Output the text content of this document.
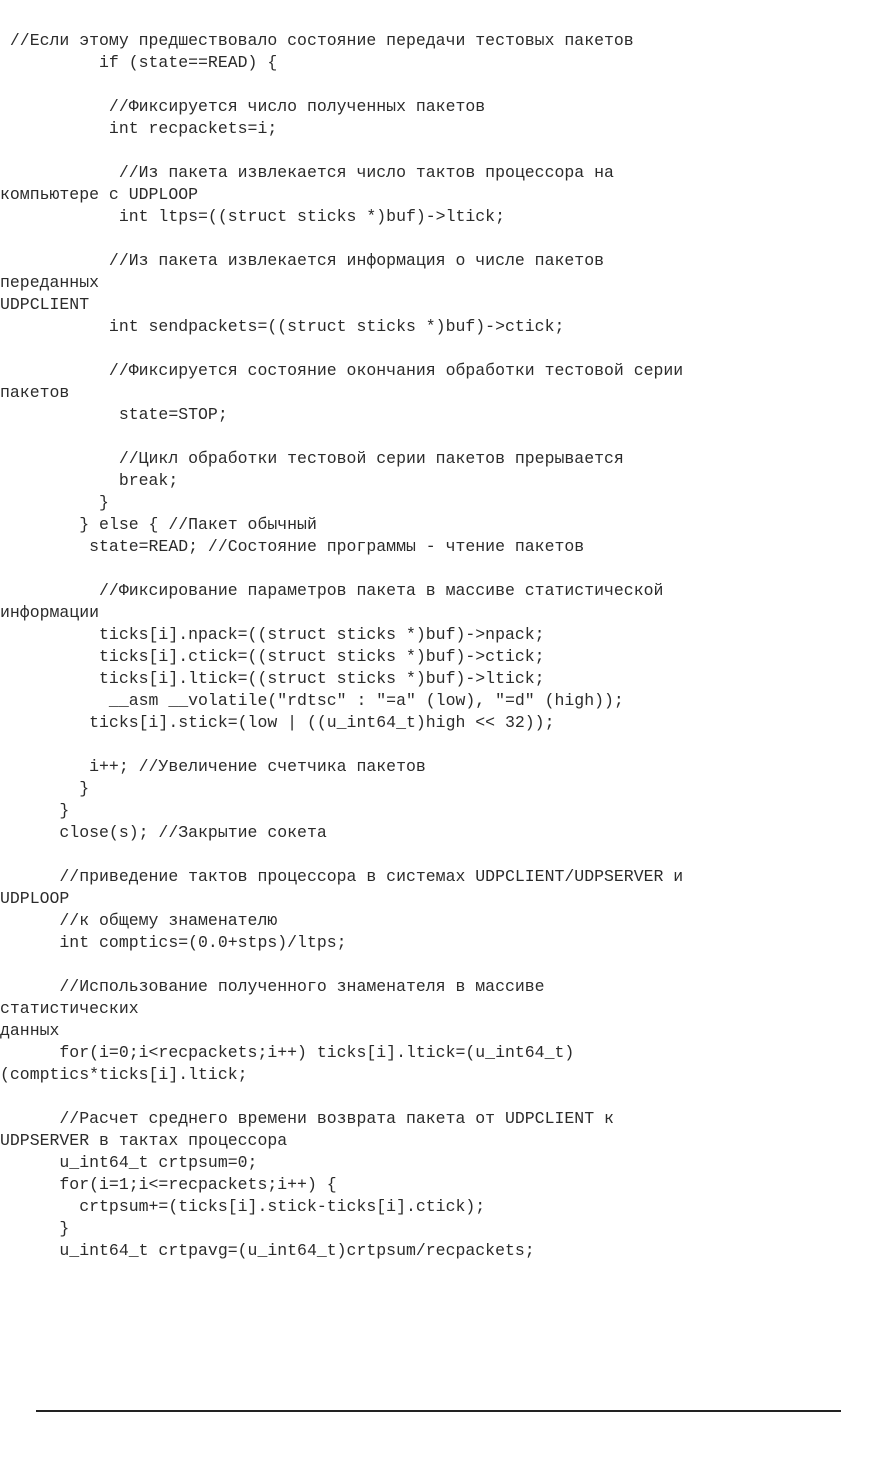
//Если этому предшествовало состояние передачи тестовых пакетов
if (state==READ) {
//Фиксируется число полученных пакетов
int recpackets=i;
//Из пакета извлекается число тактов процессора на
компьютере с UDPLOOP
int ltps=((struct sticks *)buf)->ltick;
//Из пакета извлекается информация о числе пакетов
переданных
UDPCLIENT
int sendpackets=((struct sticks *)buf)->ctick;
//Фиксируется состояние окончания обработки тестовой серии
пакетов
state=STOP;
//Цикл обработки тестовой серии пакетов прерывается
break;
}
} else { //Пакет обычный
state=READ; //Состояние программы - чтение пакетов
//Фиксирование параметров пакета в массиве статистической
информации
ticks[i].npack=((struct sticks *)buf)->npack;
ticks[i].ctick=((struct sticks *)buf)->ctick;
ticks[i].ltick=((struct sticks *)buf)->ltick;
__asm __volatile("rdtsc" : "=a" (low), "=d" (high));
ticks[i].stick=(low | ((u_int64_t)high << 32));
i++; //Увеличение счетчика пакетов
}
}
close(s); //Закрытие сокета
//приведение тактов процессора в системах UDPCLIENT/UDPSERVER и
UDPLOOP
//к общему знаменателю
int comptics=(0.0+stps)/ltps;
//Использование полученного знаменателя в массиве
статистических
данных
for(i=0;i<recpackets;i++) ticks[i].ltick=(u_int64_t)
(comptics*ticks[i].ltick;
//Расчет среднего времени возврата пакета от UDPCLIENT к
UDPSERVER в тактах процессора
u_int64_t crtpsum=0;
for(i=1;i<=recpackets;i++) {
crtpsum+=(ticks[i].stick-ticks[i].ctick);
}
u_int64_t crtpavg=(u_int64_t)crtpsum/recpackets;
